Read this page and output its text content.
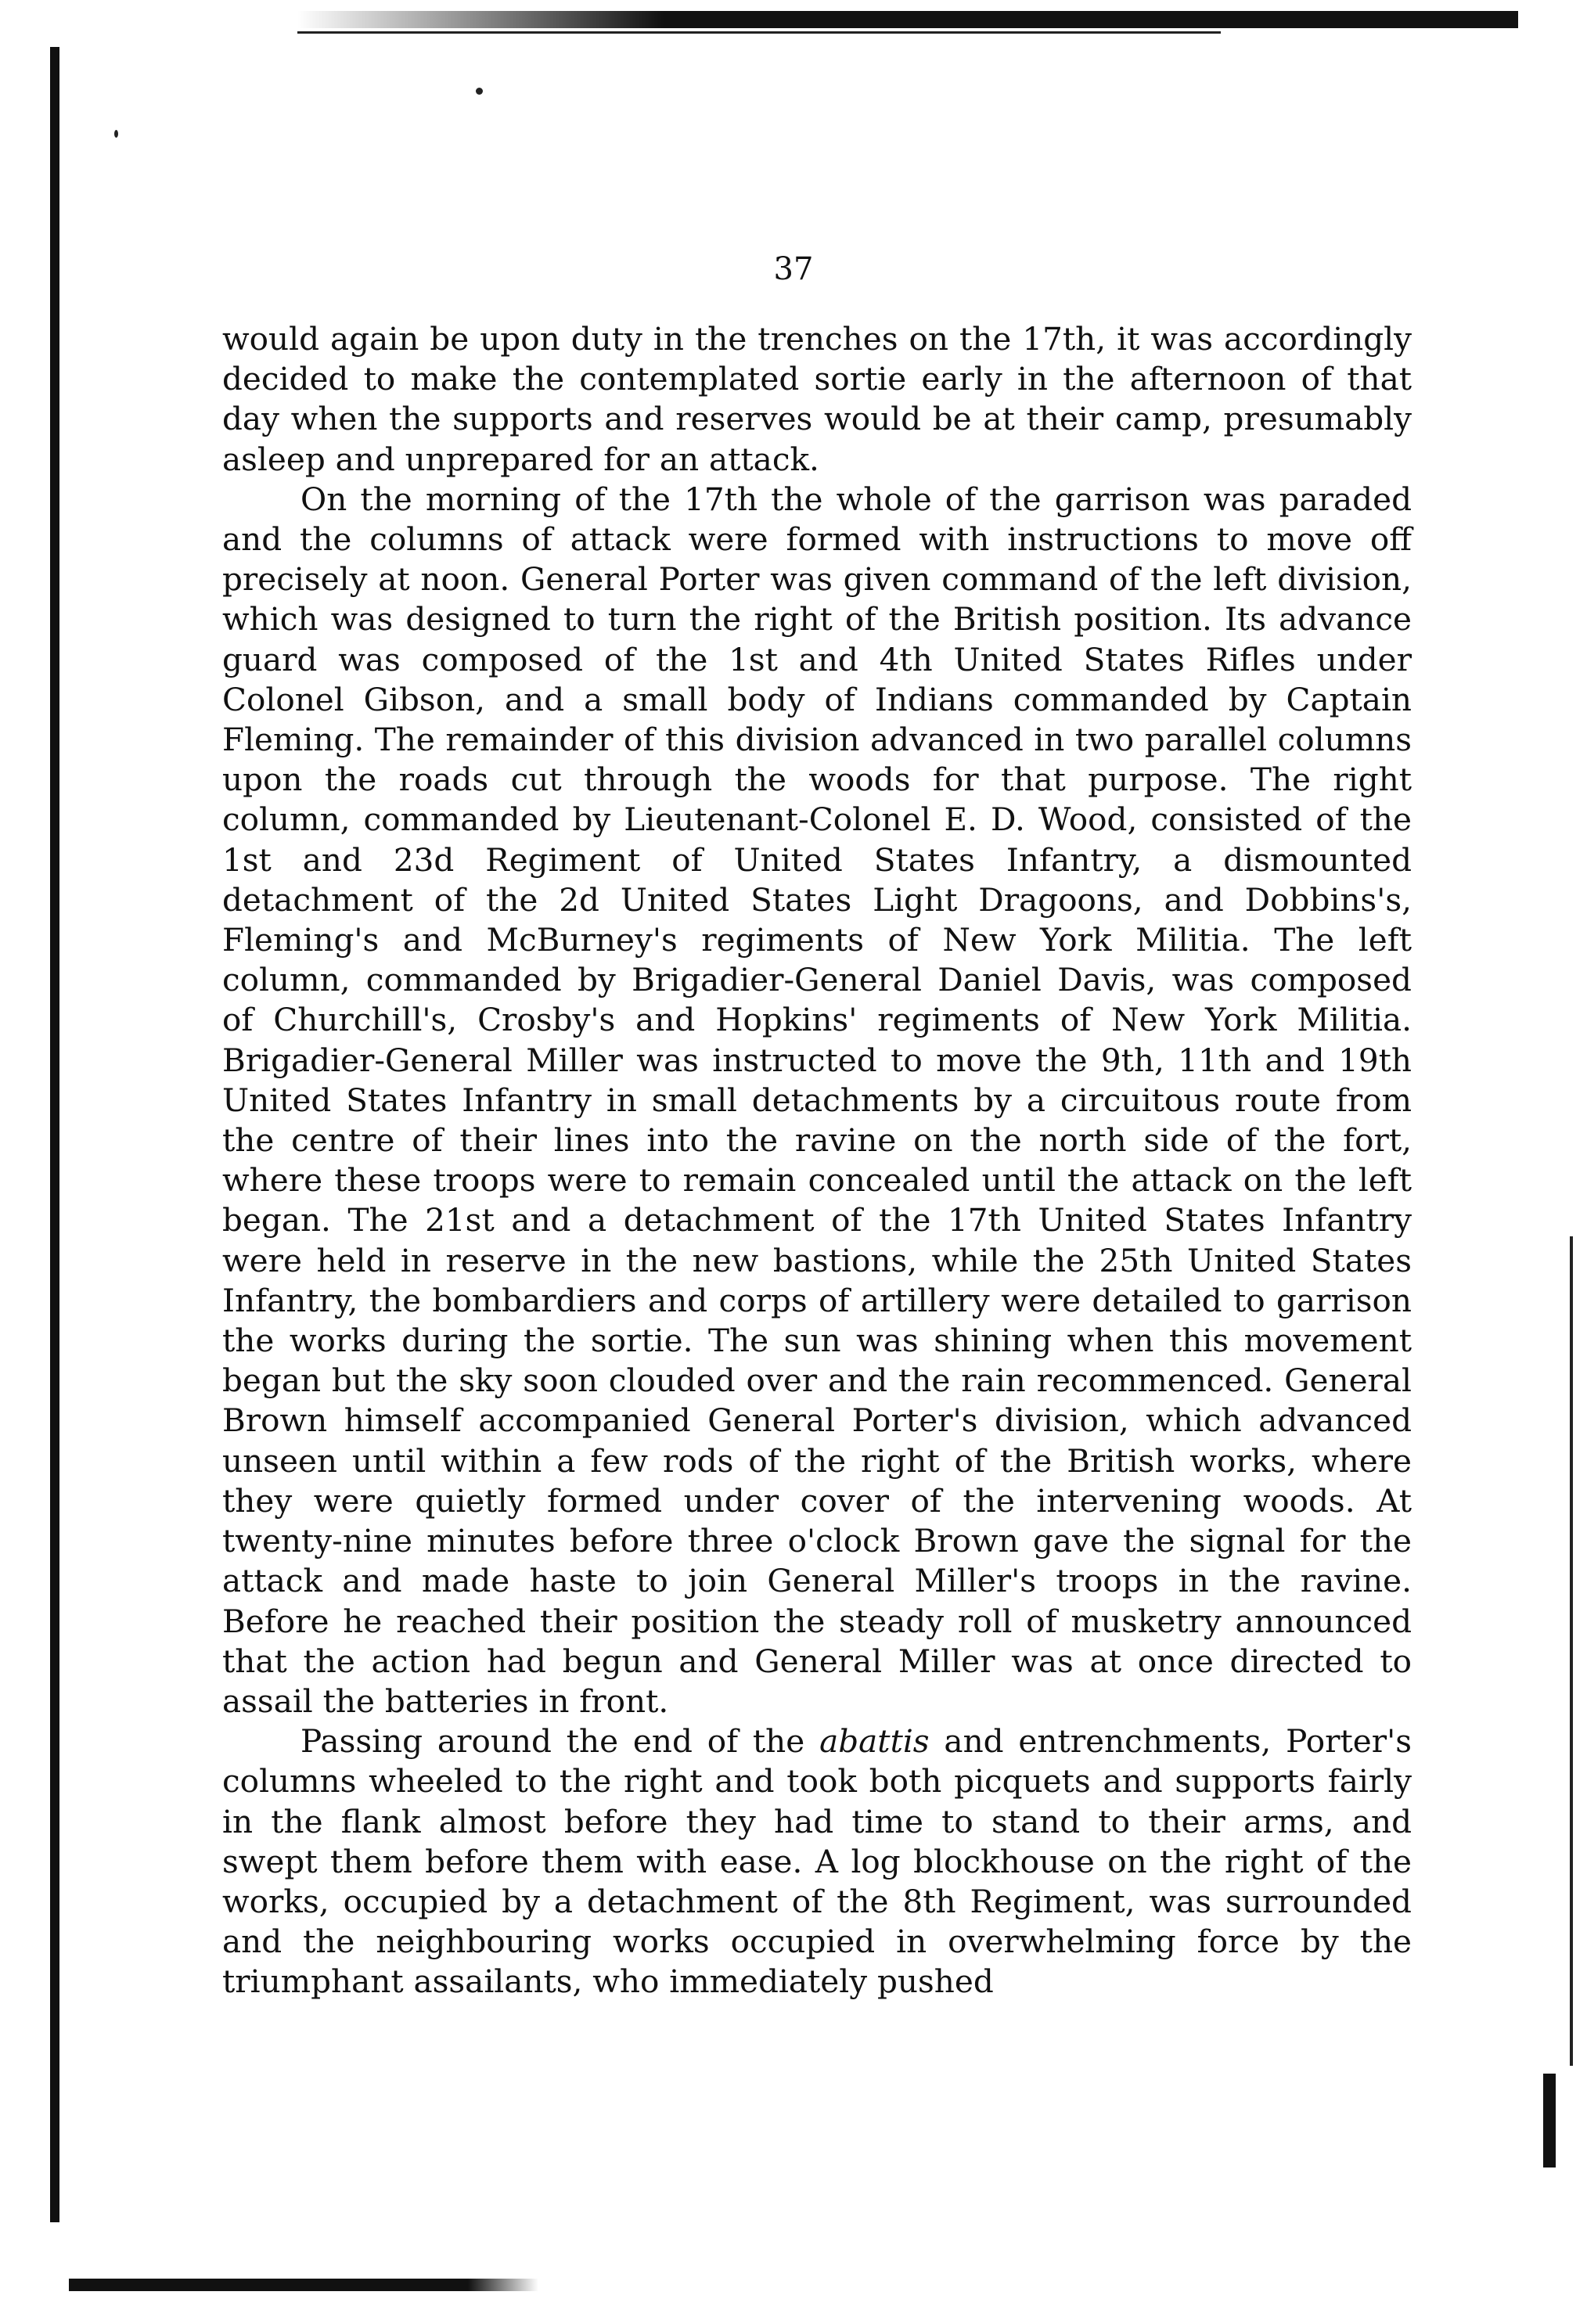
37

would again be upon duty in the trenches on the 17th, it was accordingly decided to make the contemplated sortie early in the afternoon of that day when the supports and reserves would be at their camp, presumably asleep and unprepared for an attack.

On the morning of the 17th the whole of the garrison was paraded and the columns of attack were formed with instructions to move off precisely at noon. General Porter was given command of the left division, which was designed to turn the right of the British position. Its advance guard was composed of the 1st and 4th United States Rifles under Colonel Gibson, and a small body of Indians commanded by Captain Fleming. The remainder of this division advanced in two parallel columns upon the roads cut through the woods for that purpose. The right column, commanded by Lieutenant-Colonel E. D. Wood, consisted of the 1st and 23d Regiment of United States Infantry, a dismounted detachment of the 2d United States Light Dragoons, and Dobbins's, Fleming's and McBurney's regiments of New York Militia. The left column, commanded by Brigadier-General Daniel Davis, was composed of Churchill's, Crosby's and Hopkins' regiments of New York Militia. Brigadier-General Miller was instructed to move the 9th, 11th and 19th United States Infantry in small detachments by a circuitous route from the centre of their lines into the ravine on the north side of the fort, where these troops were to remain concealed until the attack on the left began. The 21st and a detachment of the 17th United States Infantry were held in reserve in the new bastions, while the 25th United States Infantry, the bombardiers and corps of artillery were detailed to garrison the works during the sortie. The sun was shining when this movement began but the sky soon clouded over and the rain recommenced. General Brown himself accompanied General Porter's division, which advanced unseen until within a few rods of the right of the British works, where they were quietly formed under cover of the intervening woods. At twenty-nine minutes before three o'clock Brown gave the signal for the attack and made haste to join General Miller's troops in the ravine. Before he reached their position the steady roll of musketry announced that the action had begun and General Miller was at once directed to assail the batteries in front.

Passing around the end of the abattis and entrenchments, Porter's columns wheeled to the right and took both picquets and supports fairly in the flank almost before they had time to stand to their arms, and swept them before them with ease. A log blockhouse on the right of the works, occupied by a detachment of the 8th Regiment, was surrounded and the neighbouring works occupied in overwhelming force by the triumphant assailants, who immediately pushed
